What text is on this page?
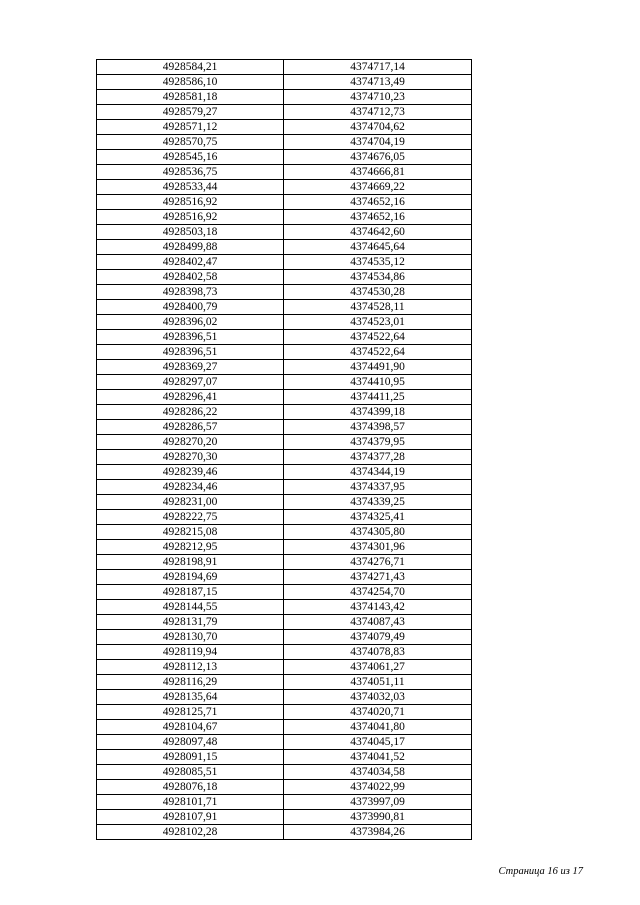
4928584,21	4374717,14
4928586,10	4374713,49
4928581,18	4374710,23
4928579,27	4374712,73
4928571,12	4374704,62
4928570,75	4374704,19
4928545,16	4374676,05
4928536,75	4374666,81
4928533,44	4374669,22
4928516,92	4374652,16
4928516,92	4374652,16
4928503,18	4374642,60
4928499,88	4374645,64
4928402,47	4374535,12
4928402,58	4374534,86
4928398,73	4374530,28
4928400,79	4374528,11
4928396,02	4374523,01
4928396,51	4374522,64
4928396,51	4374522,64
4928369,27	4374491,90
4928297,07	4374410,95
4928296,41	4374411,25
4928286,22	4374399,18
4928286,57	4374398,57
4928270,20	4374379,95
4928270,30	4374377,28
4928239,46	4374344,19
4928234,46	4374337,95
4928231,00	4374339,25
4928222,75	4374325,41
4928215,08	4374305,80
4928212,95	4374301,96
4928198,91	4374276,71
4928194,69	4374271,43
4928187,15	4374254,70
4928144,55	4374143,42
4928131,79	4374087,43
4928130,70	4374079,49
4928119,94	4374078,83
4928112,13	4374061,27
4928116,29	4374051,11
4928135,64	4374032,03
4928125,71	4374020,71
4928104,67	4374041,80
4928097,48	4374045,17
4928091,15	4374041,52
4928085,51	4374034,58
4928076,18	4374022,99
4928101,71	4373997,09
4928107,91	4373990,81
4928102,28	4373984,26
Страница 16 из 17
